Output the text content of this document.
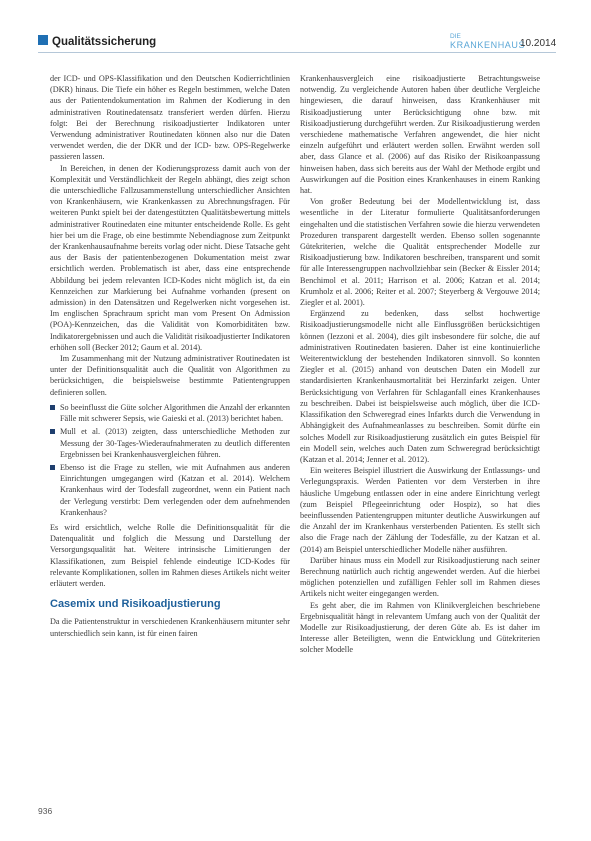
Qualitätssicherung	DIE
KRANKENHAUS
10.2014

der ICD- und OPS-Klassifikation und den Deutschen Kodierrichtlinien (DKR) hinaus. Die Tiefe ein höher es Regeln bestimmen, welche Daten aus der Patientendokumentation im Rahmen der Kodierung in den administrativen Routinedatensatz transferiert werden dürfen. Hierzu folgt: Bei der Berechnung risikoadjustierter Indikatoren unter Verwendung administrativer Routinedaten können also nur die Daten verwendet werden, die der DKR und der ICD- bzw. OPS-Regelwerke passieren lassen.

In Bereichen, in denen der Kodierungsprozess damit auch von der Komplexität und Verständlichkeit der Regeln abhängt, dies zeigt schon die unterschiedliche Fallzusammenstellung unterschiedlicher Ansichten von Krankenhäusern, wie Krankenkassen zu Abrechnungsfragen. Für weiteren Punkt spielt bei der datengestützten Qualitätsbewertung mittels administrativer Routinedaten eine mitunter entscheidende Rolle. Es geht hier bei um die Frage, ob eine bestimmte Nebendiagnose zum Zeitpunkt der Krankenhausaufnahme bereits vorlag oder nicht. Diese Tatsache geht aus der Basis der patientenbezogenen Dokumentation meist zwar ersichtlich werden. Problematisch ist aber, dass eine entsprechende Abbildung bei jedem relevanten ICD-Kodes nicht möglich ist, da ein Kennzeichen zur Markierung bei Aufnahme vorhanden (present on admission) in den Datensätzen und Regelwerken nicht vorgesehen ist. Im englischen Sprachraum spricht man vom Present On Admission (POA)-Kennzeichen, das die Validität von Komorbiditäten bzw. Indikatorergebnissen und auch die Validität risikoadjustierter Indikatoren erhöhen soll (Becker 2012; Gaum et al. 2014).

Im Zusammenhang mit der Nutzung administrativer Routinedaten ist unter der Definitionsqualität auch die Qualität von Algorithmen zu berücksichtigen, die beispielsweise bestimmte Patientengruppen definieren sollen.

So beeinflusst die Güte solcher Algorithmen die Anzahl der erkannten Fälle mit schwerer Sepsis, wie Gaieski et al. (2013) berichtet haben.
Mull et al. (2013) zeigten, dass unterschiedliche Methoden zur Messung der 30-Tages-Wiederaufnahmeraten zu deutlich differenten Ergebnissen bei Krankenhausvergleichen führen.
Ebenso ist die Frage zu stellen, wie mit Aufnahmen aus anderen Einrichtungen umgegangen wird (Katzan et al. 2014). Welchem Krankenhaus wird der Todesfall zugeordnet, wenn ein Patient nach der Verlegung verstirbt: Dem verlegenden oder dem aufnehmenden Krankenhaus?

Es wird ersichtlich, welche Rolle die Definitionsqualität für die Datenqualität und folglich die Messung und Darstellung der Versorgungsqualität hat. Weitere intrinsische Limitierungen der Klassifikationen, zum Beispiel fehlende eindeutige ICD-Kodes für relevante Komplikationen, sollen im Rahmen dieses Artikels nicht weiter erläutert werden.

Casemix und Risikoadjustierung

Da die Patientenstruktur in verschiedenen Krankenhäusern mitunter sehr unterschiedlich sein kann, ist für einen fairen

Krankenhausvergleich eine risikoadjustierte Betrachtungsweise notwendig. Zu vergleichende Autoren haben über deutliche Vergleiche hingewiesen, die darauf hinweisen, dass Krankenhäuser mit Risikoadjustierung unter Berücksichtigung ohne bzw. mit Risikoadjustierung durchgeführt werden. Zur Risikoadjustierung werden verschiedene mathematische Verfahren angewendet, die hier nicht einzeln aufgeführt und erläutert werden sollen. Erwähnt werden soll aber, dass Glance et al. (2006) auf das Risiko der Risikoanpassung hinweisen haben, dass sich bereits aus der Wahl der Methode ergibt und Auswirkungen auf die Position eines Krankenhauses in einem Ranking hat.

Von großer Bedeutung bei der Modellentwicklung ist, dass wesentliche in der Literatur formulierte Qualitätsanforderungen eingehalten und die statistischen Verfahren sowie die hierzu verwendeten Prozeduren transparent dargestellt werden. Ebenso sollen sogenannte Gütekriterien, welche die Qualität entsprechender Modelle zur Risikoadjustierung bzw. Indikatoren beschreiben, transparent und somit für alle Interessengruppen nachvollziehbar sein (Becker & Eissler 2014; Benchimol et al. 2011; Harrison et al. 2006; Katzan et al. 2014; Krumholz et al. 2006; Reiter et al. 2007; Steyerberg & Vergouwe 2014; Ziegler et al. 2001).

Ergänzend zu bedenken, dass selbst hochwertige Risikoadjustierungsmodelle nicht alle Einflussgrößen berücksichtigen können (Iezzoni et al. 2004), dies gilt insbesondere für solche, die auf administrativen Routinedaten basieren. Daher ist eine kontinuierliche Weiterentwicklung der bestehenden Indikatoren sinnvoll. So konnten Ziegler et al. (2015) anhand von deutschen Daten ein Modell zur standardisierten Krankenhausmortalität bei Herzinfarkt zeigen. Unter Berücksichtigung von Verfahren für Schlaganfall eines Krankenhauses zu beschreiben. Dabei ist beispielsweise auch möglich, über die ICD-Klassifikation den Schweregrad eines Infarkts durch die Verwendung in Abhängigkeit des Aufnahmeanlasses zu beschreiben. Somit dürfte ein solches Modell zur Risikoadjustierung zusätzlich ein gutes Beispiel für ein Modell sein, welches auch Daten zum Schweregrad berücksichtigt (Katzan et al. 2014; Jenner et al. 2012).

Ein weiteres Beispiel illustriert die Auswirkung der Entlassungs- und Verlegungspraxis. Werden Patienten vor dem Versterben in ihre häusliche Umgebung entlassen oder in eine andere Einrichtung verlegt (zum Beispiel Pflegeeinrichtung oder Hospiz), so hat dies beeinflussenden Patientengruppen mitunter deutliche Auswirkungen auf die Anzahl der im Krankenhaus versterbenden Patienten. Es stellt sich also die Frage nach der Zählung der Todesfälle, zu der Katzan et al. (2014) am Beispiel unterschiedlicher Modelle näher ausführen.

Darüber hinaus muss ein Modell zur Risikoadjustierung nach seiner Berechnung natürlich auch richtig angewendet werden. Auf die hierbei möglichen potenziellen und zufälligen Fehler soll im Rahmen dieses Artikels nicht weiter eingegangen werden.

Es geht aber, die im Rahmen von Klinikvergleichen beschriebene Ergebnisqualität hängt in relevantem Umfang auch von der Qualität der Modelle zur Risikoadjustierung, der deren Güte ab. Es ist daher im Interesse aller Beteiligten, wenn die Entwicklung und Gütekriterien solcher Modelle

936
